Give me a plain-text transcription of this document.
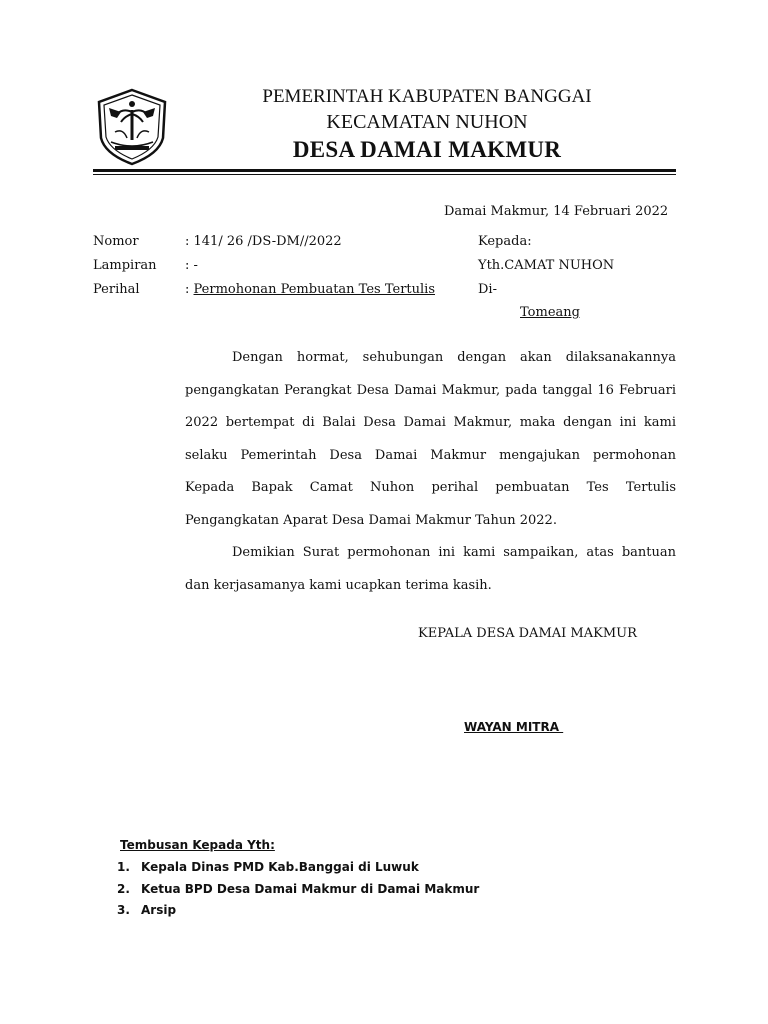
PEMERINTAH KABUPATEN BANGGAI
KECAMATAN NUHON
DESA DAMAI MAKMUR
Damai Makmur, 14 Februari 2022
Nomor	: 141/ 26 /DS-DM//2022
Lampiran : -
Perihal	: Permohonan Pembuatan Tes Tertulis
Kepada:
Yth.CAMAT NUHON
Di-
Tomeang

Dengan hormat, sehubungan dengan akan dilaksanakannya pengangkatan Perangkat Desa Damai Makmur, pada tanggal 16 Februari 2022 bertempat di Balai Desa Damai Makmur, maka dengan ini kami selaku Pemerintah Desa Damai Makmur mengajukan permohonan Kepada Bapak Camat Nuhon perihal pembuatan Tes Tertulis Pengangkatan Aparat Desa Damai Makmur Tahun 2022.

Demikian Surat permohonan ini kami sampaikan, atas bantuan dan kerjasamanya kami ucapkan terima kasih.

KEPALA DESA DAMAI MAKMUR
WAYAN MITRA
Tembusan Kepada Yth:
1. Kepala Dinas PMD Kab.Banggai di Luwuk
2. Ketua BPD Desa Damai Makmur di Damai Makmur
3. Arsip
